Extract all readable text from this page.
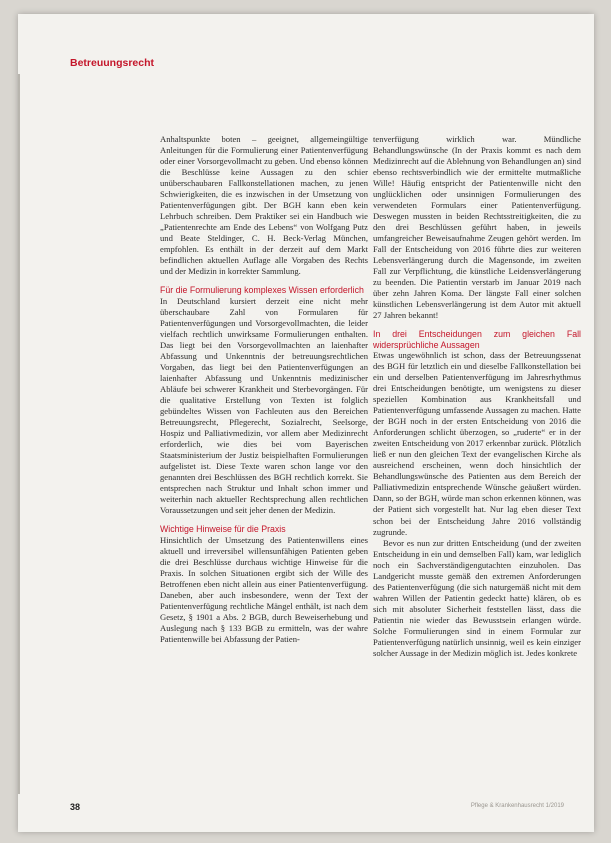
Betreuungsrecht

Anhaltspunkte boten – geeignet, allgemeingültige Anleitungen für die Formulierung einer Patientenverfügung oder einer Vorsorgevollmacht zu geben. Und ebenso können die Beschlüsse keine Aussagen zu den schier unüberschaubaren Fallkonstellationen machen, zu jenen Schwierigkeiten, die es inzwischen in der Umsetzung von Patientenverfügungen gibt. Der BGH kann eben kein Lehrbuch schreiben. Dem Praktiker sei ein Handbuch wie „Patientenrechte am Ende des Lebens“ von Wolfgang Putz und Beate Steldinger, C. H. Beck-Verlag München, empfohlen. Es enthält in der derzeit auf dem Markt befindlichen aktuellen Auflage alle Vorgaben des Rechts und der Medizin in korrekter Sammlung.

Für die Formulierung komplexes Wissen erforderlich

In Deutschland kursiert derzeit eine nicht mehr überschaubare Zahl von Formularen für Patientenverfügungen und Vorsorgevollmachten, die leider vielfach rechtlich unwirksame Formulierungen enthalten. Das liegt bei den Vorsorgevollmachten an laienhafter Abfassung und Unkenntnis der betreuungsrechtlichen Vorgaben, das liegt bei den Patientenverfügungen an laienhafter Abfassung und Unkenntnis medizinischer Abläufe bei schwerer Krankheit und Sterbevorgängen. Für die qualitative Erstellung von Texten ist folglich gebündeltes Wissen von Fachleuten aus den Bereichen Betreuungsrecht, Pflegerecht, Sozialrecht, Seelsorge, Hospiz und Palliativmedizin, vor allem aber Medizinrecht erforderlich, wie dies bei vom Bayerischen Staatsministerium der Justiz beispielhaften Formulierungen aufgelistet ist. Diese Texte waren schon lange vor den genannten drei Beschlüssen des BGH rechtlich korrekt. Sie entsprechen nach Struktur und Inhalt schon immer und weiterhin nach aktueller Rechtsprechung allen rechtlichen Voraussetzungen und seit jeher denen der Medizin.

Wichtige Hinweise für die Praxis

Hinsichtlich der Umsetzung des Patientenwillens eines aktuell und irreversibel willensunfähigen Patienten geben die drei Beschlüsse durchaus wichtige Hinweise für die Praxis. In solchen Situationen ergibt sich der Wille des Betroffenen eben nicht allein aus einer Patientenverfügung. Daneben, aber auch insbesondere, wenn der Text der Patientenverfügung rechtliche Mängel enthält, ist nach dem Gesetz, § 1901 a Abs. 2 BGB, durch Beweiserhebung und Auslegung nach § 133 BGB zu ermitteln, was der wahre Patientenwille bei Abfassung der Patien-

tenverfügung wirklich war. Mündliche Behandlungswünsche (In der Praxis kommt es nach dem Medizinrecht auf die Ablehnung von Behandlungen an) sind ebenso rechtsverbindlich wie der ermittelte mutmaßliche Wille! Häufig entspricht der Patientenwille nicht den unglücklichen oder unsinnigen Formulierungen des verwendeten Formulars einer Patientenverfügung. Deswegen mussten in beiden Rechtsstreitigkeiten, die zu den drei Beschlüssen geführt haben, in jeweils umfangreicher Beweisaufnahme Zeugen gehört werden. Im Fall der Entscheidung von 2016 führte dies zur weiteren Lebensverlängerung durch die Magensonde, im zweiten Fall zur Verpflichtung, die künstliche Leidensverlängerung zu beenden. Die Patientin verstarb im Januar 2019 nach über zehn Jahren Koma. Der längste Fall einer solchen künstlichen Lebensverlängerung ist dem Autor mit aktuell 27 Jahren bekannt!

In drei Entscheidungen zum gleichen Fall widersprüchliche Aussagen

Etwas ungewöhnlich ist schon, dass der Betreuungssenat des BGH für letztlich ein und dieselbe Fallkonstellation bei ein und derselben Patientenverfügung im Jahresrhythmus drei Entscheidungen benötigte, um wenigstens zu dieser speziellen Kombination aus Krankheitsfall und Patientenverfügung umfassende Aussagen zu machen. Hatte der BGH noch in der ersten Entscheidung von 2016 die Anforderungen schlicht überzogen, so „ruderte“ er in der zweiten Entscheidung von 2017 erkennbar zurück. Plötzlich ließ er nun den gleichen Text der evangelischen Kirche als ausreichend erscheinen, wenn doch hinsichtlich der Behandlungswünsche des Patienten aus dem Bereich der Palliativmedizin entsprechende Wünsche geäußert würden. Dann, so der BGH, würde man schon erkennen können, was der Patient sich vorgestellt hat. Nur lag eben dieser Text schon bei der Entscheidung Jahre 2016 vollständig zugrunde.

Bevor es nun zur dritten Entscheidung (und der zweiten Entscheidung in ein und demselben Fall) kam, war lediglich noch ein Sachverständigengutachten einzuholen. Das Landgericht musste gemäß den extremen Anforderungen des Patientenverfügung (die sich naturgemäß nicht mit dem wahren Willen der Patientin gedeckt hatte) klären, ob es sich mit absoluter Sicherheit feststellen lässt, dass die Patientin nie wieder das Bewusstsein erlangen würde. Solche Formulierungen sind in einem Formular zur Patientenverfügung natürlich unsinnig, weil es kein einziger solcher Aussage in der Medizin möglich ist. Jedes konkrete

38	Pflege & Krankenhausrecht 1/2019
